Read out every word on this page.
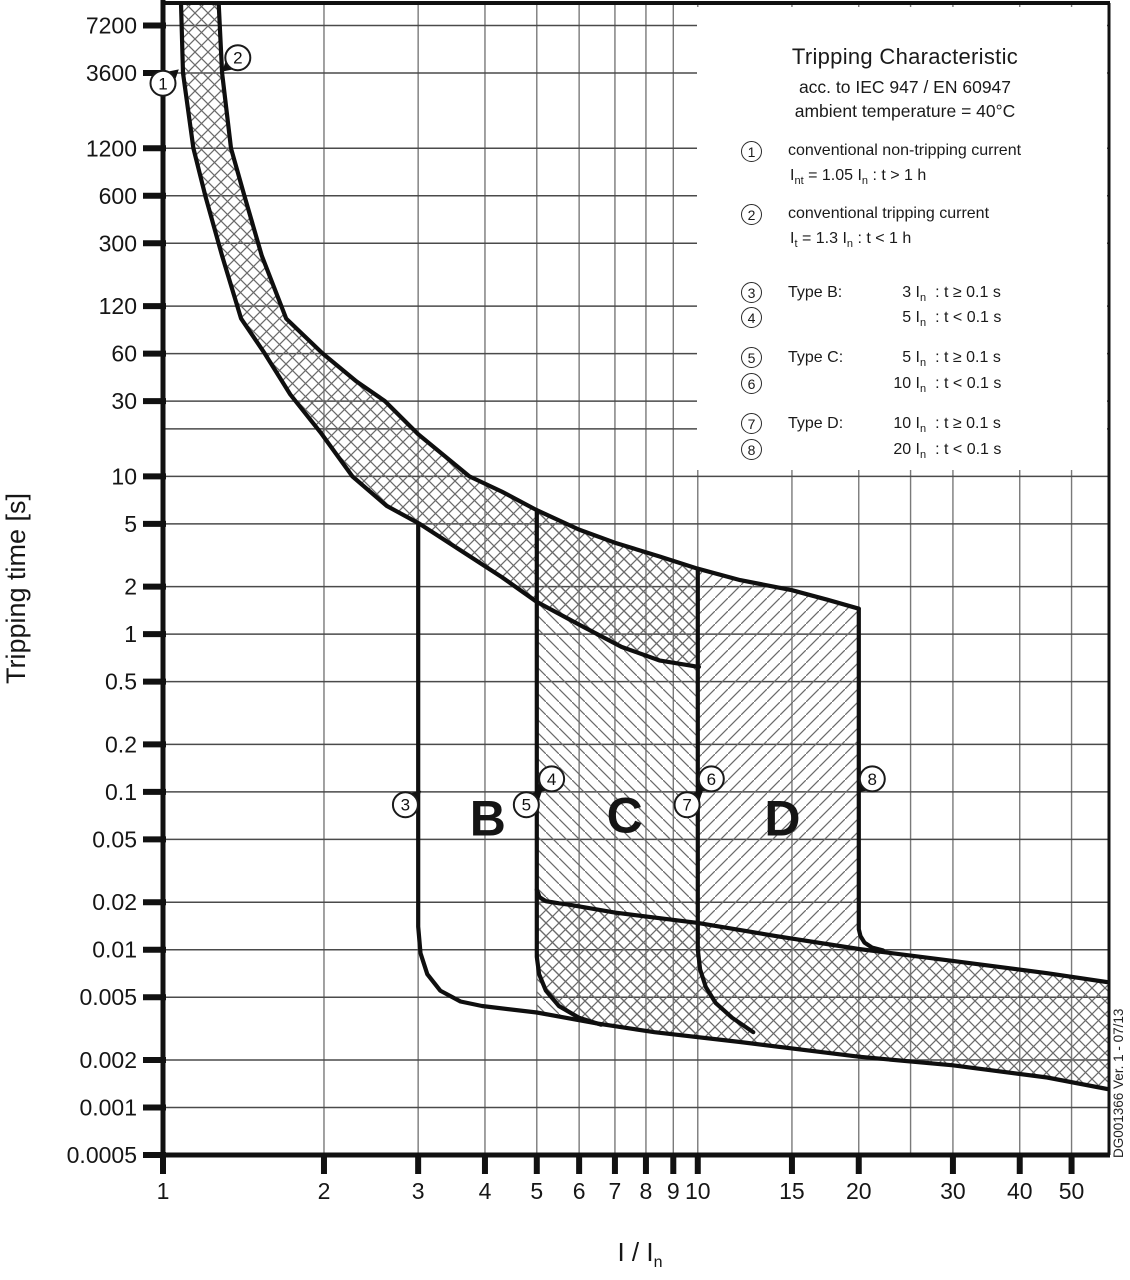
7200
3600
1200
600
300
120
60
30
10
5
2
1
0.5
0.2
0.1
0.05
0.02
0.01
0.005
0.002
0.001
0.0005
1	2	3 4 5 6 7 8 9 10	15 20	30 40 50
B C D
1
2
3
4
5
6
7
8
Tripping Characteristic
acc. to IEC 947 / EN 60947
ambient temperature = 40°C
1	conventional non-tripping current
$I_{nt} = 1.05$ $I_n$ : t > 1 h
2	conventional tripping current
$I_t = 1.3$ $I_n$ : t < 1 h
3
4
Type B:	3 $I_n$ : t ≥ 0.1 s
5 $I_n$ : t < 0.1 s
5
6
Type C:	5 $I_n$ : t ≥ 0.1 s
10 $I_n$ : t < 0.1 s
7
8
Type D:	10 $I_n$ : t ≥ 0.1 s
20 $I_n$ : t < 0.1 s
Tripping time [s]
I / $I_n$
DG001366 Ver. 1 - 07/13
